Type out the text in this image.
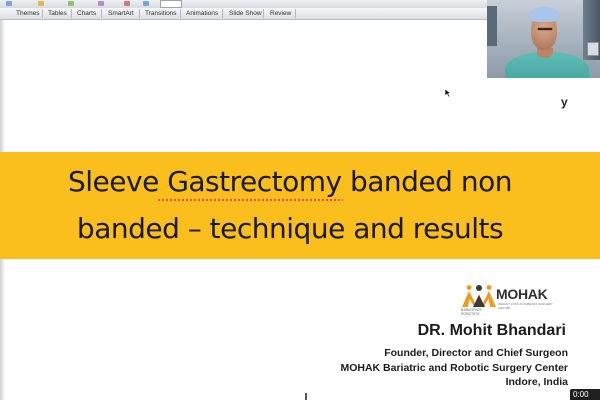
Themes Tables Charts SmartArt Transitions Animations Slide Show Review
Sleeve Gastrectomy banded non
banded – technique and results
y
MOHAK
BARIATRICS ROBOTICS
WEIGHT LOSS & DIABETES SURGERY CENTER
DR. Mohit Bhandari
Founder, Director and Chief Surgeon
MOHAK Bariatric and Robotic Surgery Center
Indore, India
0:00
